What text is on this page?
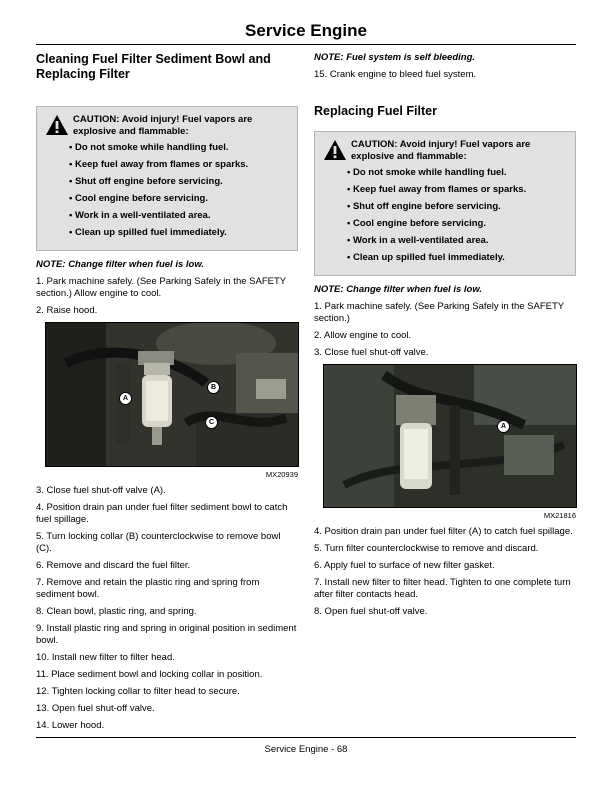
Service Engine
Cleaning Fuel Filter Sediment Bowl and Replacing Filter
CAUTION: Avoid injury! Fuel vapors are explosive and flammable:
• Do not smoke while handling fuel.
• Keep fuel away from flames or sparks.
• Shut off engine before servicing.
• Cool engine before servicing.
• Work in a well-ventilated area.
• Clean up spilled fuel immediately.

NOTE: Change filter when fuel is low.

1. Park machine safely. (See Parking Safely in the SAFETY section.) Allow engine to cool.

2. Raise hood.

A
B
C
MX20939

3. Close fuel shut-off valve (A).

4. Position drain pan under fuel filter sediment bowl to catch fuel spillage.

5. Turn locking collar (B) counterclockwise to remove bowl (C).

6. Remove and discard the fuel filter.

7. Remove and retain the plastic ring and spring from sediment bowl.

8. Clean bowl, plastic ring, and spring.

9. Install plastic ring and spring in original position in sediment bowl.

10. Install new filter to filter head.

11. Place sediment bowl and locking collar in position.

12. Tighten locking collar to filter head to secure.

13. Open fuel shut-off valve.

14. Lower hood.

NOTE: Fuel system is self bleeding.

15. Crank engine to bleed fuel system.

Replacing Fuel Filter
CAUTION: Avoid injury! Fuel vapors are explosive and flammable:
• Do not smoke while handling fuel.
• Keep fuel away from flames or sparks.
• Shut off engine before servicing.
• Cool engine before servicing.
• Work in a well-ventilated area.
• Clean up spilled fuel immediately.

NOTE: Change filter when fuel is low.

1. Park machine safely. (See Parking Safely in the SAFETY section.)

2. Allow engine to cool.

3. Close fuel shut-off valve.

A
MX21816

4. Position drain pan under fuel filter (A) to catch fuel spillage.

5. Turn filter counterclockwise to remove and discard.

6. Apply fuel to surface of new filter gasket.

7. Install new filter to filter head. Tighten to one complete turn after filter contacts head.

8. Open fuel shut-off valve.

Service Engine - 68
